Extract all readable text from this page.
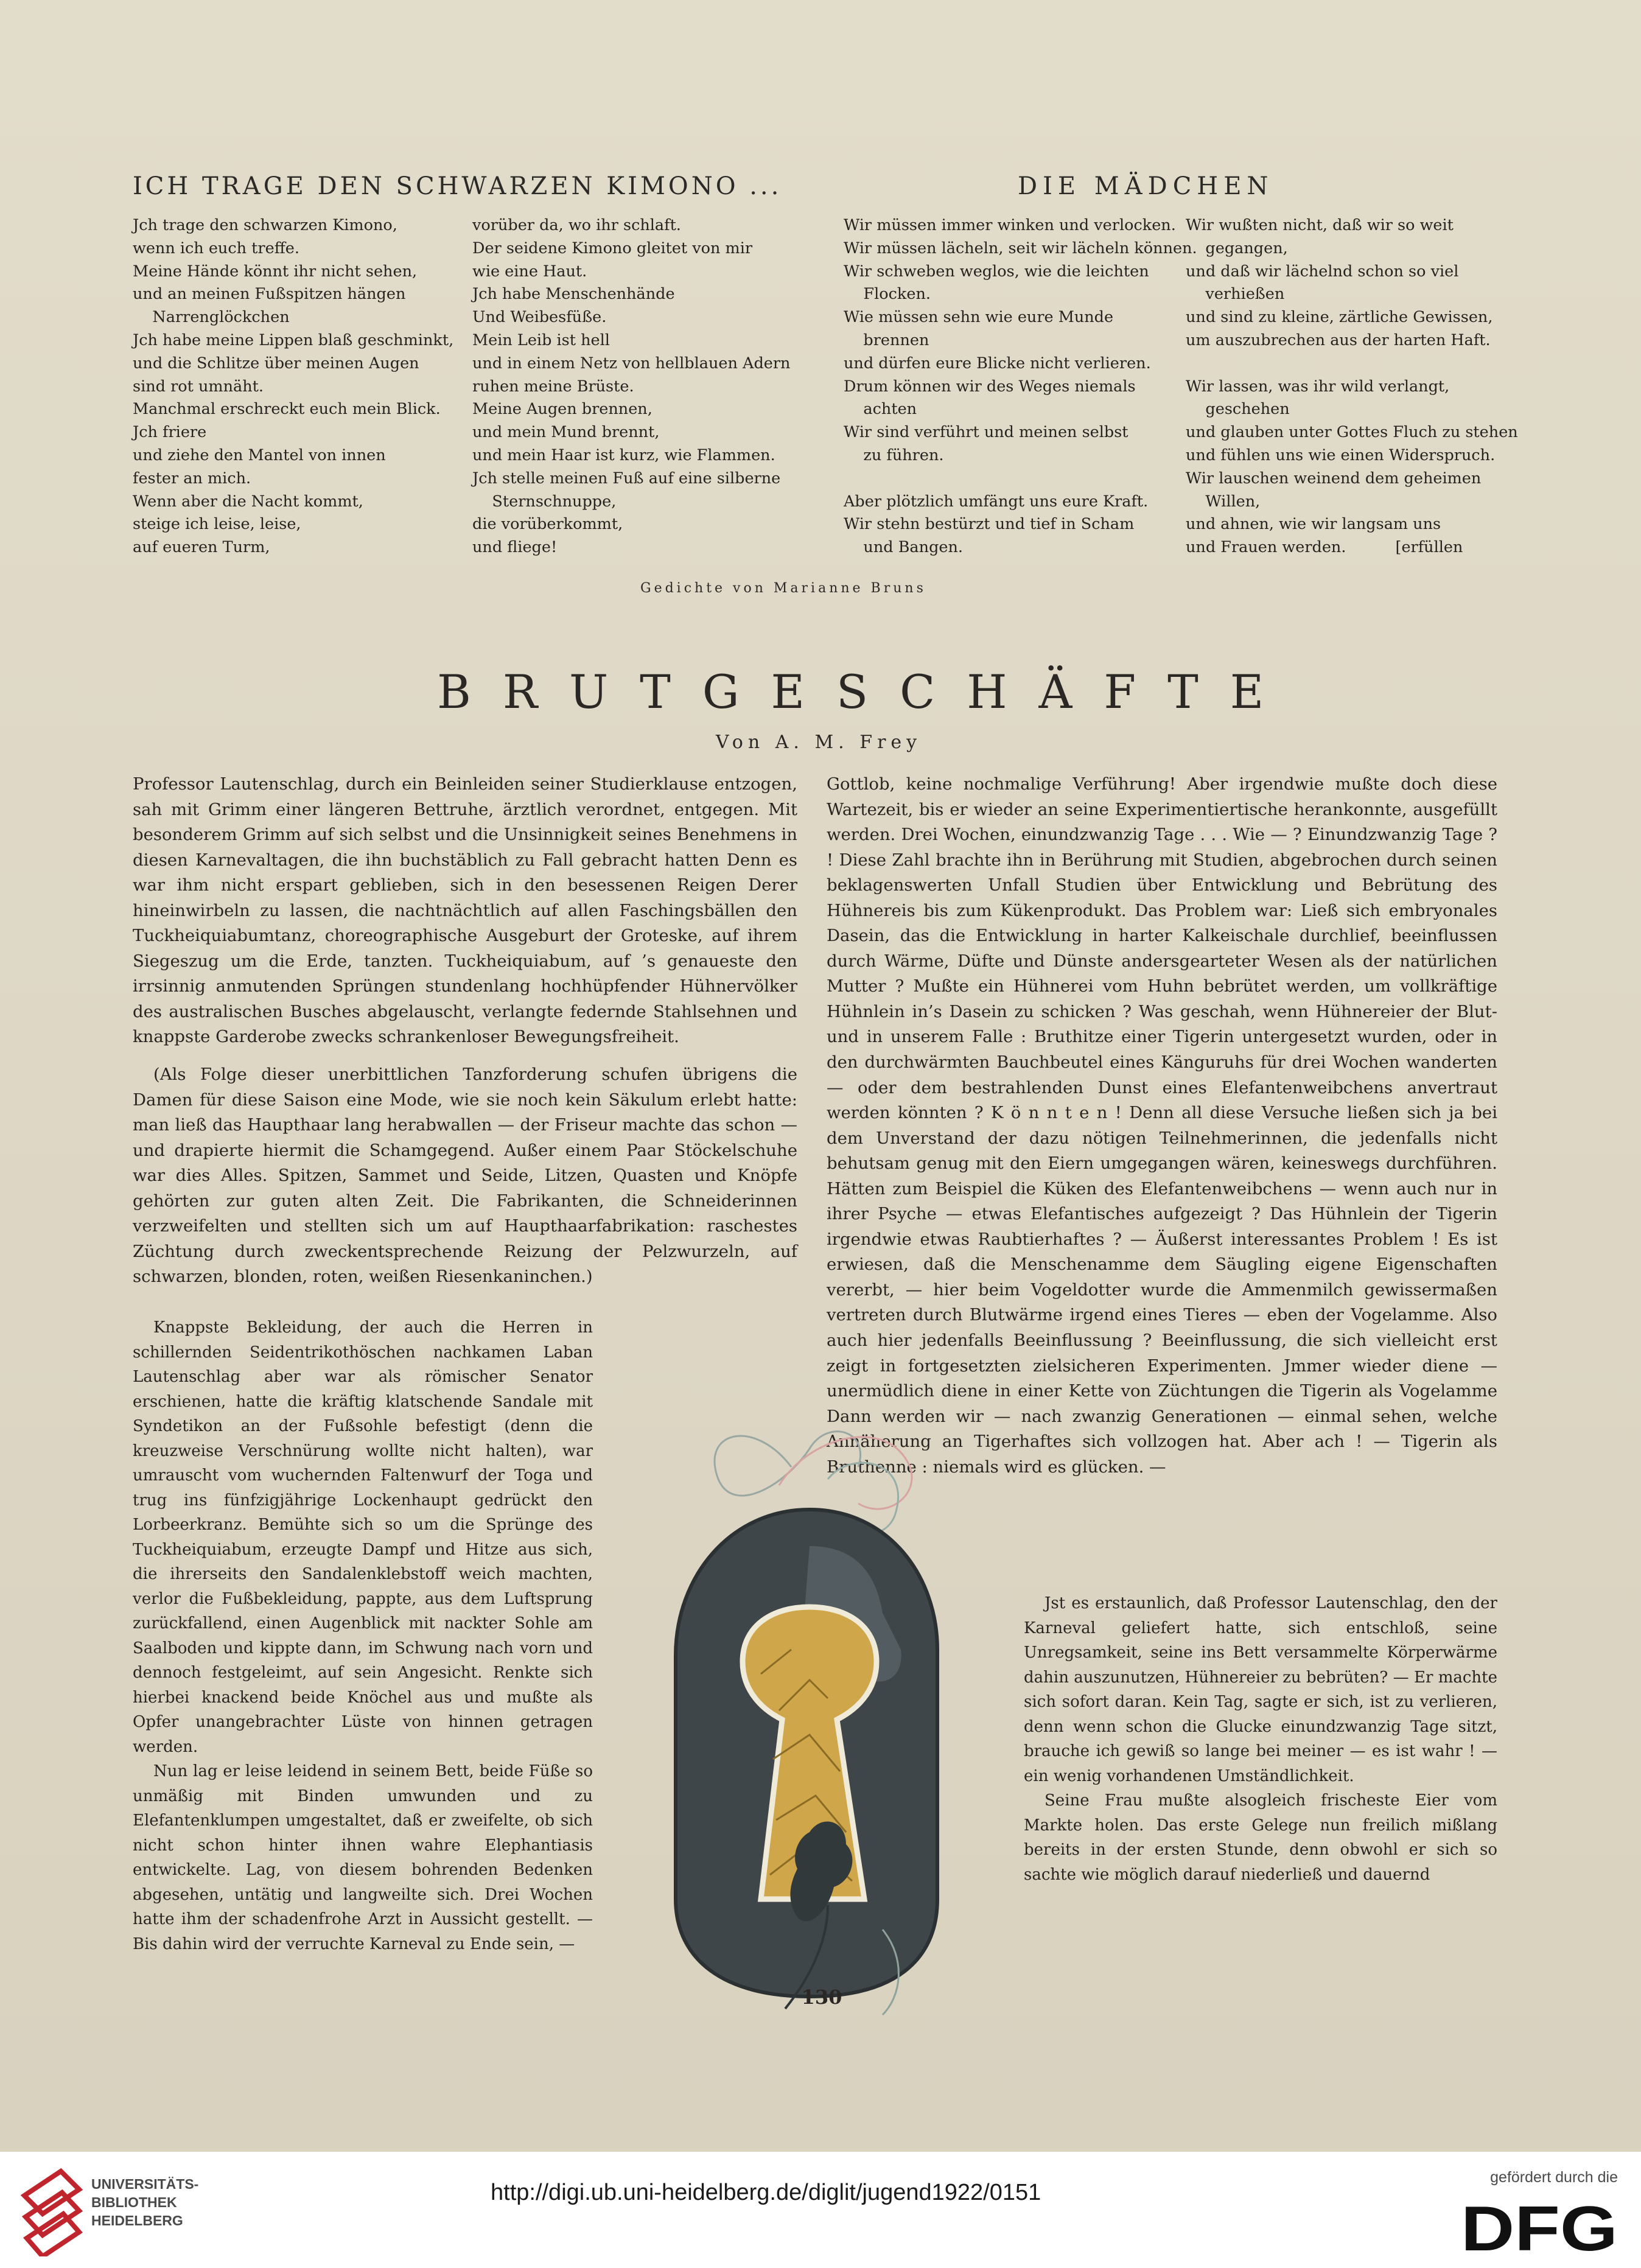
ICH TRAGE DEN SCHWARZEN KIMONO ...
Jch trage den schwarzen Kimono,
wenn ich euch treffe.
Meine Hände könnt ihr nicht sehen,
und an meinen Fußspitzen hängen
Narrenglöckchen
Jch habe meine Lippen blaß geschminkt,
und die Schlitze über meinen Augen
sind rot umnäht.
Manchmal erschreckt euch mein Blick.
Jch friere
und ziehe den Mantel von innen
fester an mich.
Wenn aber die Nacht kommt,
steige ich leise, leise,
auf eueren Turm,
vorüber da, wo ihr schlaft.
Der seidene Kimono gleitet von mir
wie eine Haut.
Jch habe Menschenhände
Und Weibesfüße.
Mein Leib ist hell
und in einem Netz von hellblauen Adern
ruhen meine Brüste.
Meine Augen brennen,
und mein Mund brennt,
und mein Haar ist kurz, wie Flammen.
Jch stelle meinen Fuß auf eine silberne
Sternschnuppe,
die vorüberkommt,
und fliege!
DIE MÄDCHEN
Wir müssen immer winken und verlocken.
Wir müssen lächeln, seit wir lächeln können.
Wir schweben weglos, wie die leichten
Flocken.
Wie müssen sehn wie eure Munde
brennen
und dürfen eure Blicke nicht verlieren.
Drum können wir des Weges niemals
achten
Wir sind verführt und meinen selbst
zu führen.

Aber plötzlich umfängt uns eure Kraft.
Wir stehn bestürzt und tief in Scham
und Bangen.
Wir wußten nicht, daß wir so weit
gegangen,
und daß wir lächelnd schon so viel
verhießen
und sind zu kleine, zärtliche Gewissen,
um auszubrechen aus der harten Haft.

Wir lassen, was ihr wild verlangt,
geschehen
und glauben unter Gottes Fluch zu stehen
und fühlen uns wie einen Widerspruch.
Wir lauschen weinend dem geheimen
Willen,
und ahnen, wie wir langsam uns
und Frauen werden.          [erfüllen
Gedichte von Marianne Bruns
BRUTGESCHÄFTE
Von A. M. Frey

Professor Lautenschlag, durch ein Beinleiden seiner Studierklause entzogen, sah mit Grimm einer längeren Bettruhe, ärztlich verordnet, entgegen. Mit besonderem Grimm auf sich selbst und die Unsinnigkeit seines Benehmens in diesen Karnevaltagen, die ihn buchstäblich zu Fall gebracht hatten Denn es war ihm nicht erspart geblieben, sich in den besessenen Reigen Derer hineinwirbeln zu lassen, die nachtnächtlich auf allen Faschingsbällen den Tuckheiquiabumtanz, choreographische Ausgeburt der Groteske, auf ihrem Siegeszug um die Erde, tanzten. Tuckheiquiabum, auf ’s genaueste den irrsinnig anmutenden Sprüngen stundenlang hochhüpfender Hühnervölker des australischen Busches abgelauscht, verlangte federnde Stahlsehnen und knappste Garderobe zwecks schrankenloser Bewegungsfreiheit.

(Als Folge dieser unerbittlichen Tanzforderung schufen übrigens die Damen für diese Saison eine Mode, wie sie noch kein Säkulum erlebt hatte: man ließ das Haupthaar lang herabwallen — der Friseur machte das schon — und drapierte hiermit die Schamgegend. Außer einem Paar Stöckelschuhe war dies Alles. Spitzen, Sammet und Seide, Litzen, Quasten und Knöpfe gehörten zur guten alten Zeit. Die Fabrikanten, die Schneiderinnen verzweifelten und stellten sich um auf Haupthaarfabrikation: raschestes Züchtung durch zweckentsprechende Reizung der Pelzwurzeln, auf schwarzen, blonden, roten, weißen Riesenkaninchen.)

Knappste Bekleidung, der auch die Herren in schillernden Seidentrikothöschen nachkamen Laban Lautenschlag aber war als römischer Senator erschienen, hatte die kräftig klatschende Sandale mit Syndetikon an der Fußsohle befestigt (denn die kreuzweise Verschnürung wollte nicht halten), war umrauscht vom wuchernden Faltenwurf der Toga und trug ins fünfzigjährige Lockenhaupt gedrückt den Lorbeerkranz. Bemühte sich so um die Sprünge des Tuckheiquiabum, erzeugte Dampf und Hitze aus sich, die ihrerseits den Sandalenklebstoff weich machten, verlor die Fußbekleidung, pappte, aus dem Luftsprung zurückfallend, einen Augenblick mit nackter Sohle am Saalboden und kippte dann, im Schwung nach vorn und dennoch festgeleimt, auf sein Angesicht. Renkte sich hierbei knackend beide Knöchel aus und mußte als Opfer unangebrachter Lüste von hinnen getragen werden.

Nun lag er leise leidend in seinem Bett, beide Füße so unmäßig mit Binden umwunden und zu Elefantenklumpen umgestaltet, daß er zweifelte, ob sich nicht schon hinter ihnen wahre Elephantiasis entwickelte. Lag, von diesem bohrenden Bedenken abgesehen, untätig und langweilte sich. Drei Wochen hatte ihm der schadenfrohe Arzt in Aussicht gestellt. — Bis dahin wird der verruchte Karneval zu Ende sein, —

Gottlob, keine nochmalige Verführung! Aber irgendwie mußte doch diese Wartezeit, bis er wieder an seine Experimentiertische herankonnte, ausgefüllt werden. Drei Wochen, einundzwanzig Tage . . . Wie — ? Einundzwanzig Tage ? ! Diese Zahl brachte ihn in Berührung mit Studien, abgebrochen durch seinen beklagenswerten Unfall Studien über Entwicklung und Bebrütung des Hühnereis bis zum Kükenprodukt. Das Problem war: Ließ sich embryonales Dasein, das die Entwicklung in harter Kalkeischale durchlief, beeinflussen durch Wärme, Düfte und Dünste andersgearteter Wesen als der natürlichen Mutter ? Mußte ein Hühnerei vom Huhn bebrütet werden, um vollkräftige Hühnlein in’s Dasein zu schicken ? Was geschah, wenn Hühnereier der Blut- und in unserem Falle : Bruthitze einer Tigerin untergesetzt wurden, oder in den durchwärmten Bauchbeutel eines Känguruhs für drei Wochen wanderten — oder dem bestrahlenden Dunst eines Elefantenweibchens anvertraut werden könnten ? K ö n n t e n ! Denn all diese Versuche ließen sich ja bei dem Unverstand der dazu nötigen Teilnehmerinnen, die jedenfalls nicht behutsam genug mit den Eiern umgegangen wären, keineswegs durchführen. Hätten zum Beispiel die Küken des Elefantenweibchens — wenn auch nur in ihrer Psyche — etwas Elefantisches aufgezeigt ? Das Hühnlein der Tigerin irgendwie etwas Raubtierhaftes ? — Äußerst interessantes Problem ! Es ist erwiesen, daß die Menschenamme dem Säugling eigene Eigenschaften vererbt, — hier beim Vogeldotter wurde die Ammenmilch gewissermaßen vertreten durch Blutwärme irgend eines Tieres — eben der Vogelamme. Also auch hier jedenfalls Beeinflussung ? Beeinflussung, die sich vielleicht erst zeigt in fortgesetzten zielsicheren Experimenten. Jmmer wieder diene — unermüdlich diene in einer Kette von Züchtungen die Tigerin als Vogelamme Dann werden wir — nach zwanzig Generationen — einmal sehen, welche Annäherung an Tigerhaftes sich vollzogen hat. Aber ach ! — Tigerin als Bruthenne : niemals wird es glücken. —

Jst es erstaunlich, daß Professor Lautenschlag, den der Karneval geliefert hatte, sich entschloß, seine Unregsamkeit, seine ins Bett versammelte Körperwärme dahin auszunutzen, Hühnereier zu bebrüten? — Er machte sich sofort daran. Kein Tag, sagte er sich, ist zu verlieren, denn wenn schon die Glucke einundzwanzig Tage sitzt, brauche ich gewiß so lange bei meiner — es ist wahr ! — ein wenig vorhandenen Umständlichkeit.

Seine Frau mußte alsogleich frischeste Eier vom Markte holen. Das erste Gelege nun freilich mißlang bereits in der ersten Stunde, denn obwohl er sich so sachte wie möglich darauf niederließ und dauernd

130
UNIVERSITÄTS-
BIBLIOTHEK
HEIDELBERG
http://digi.ub.uni-heidelberg.de/diglit/jugend1922/0151
gefördert durch die
DFG
